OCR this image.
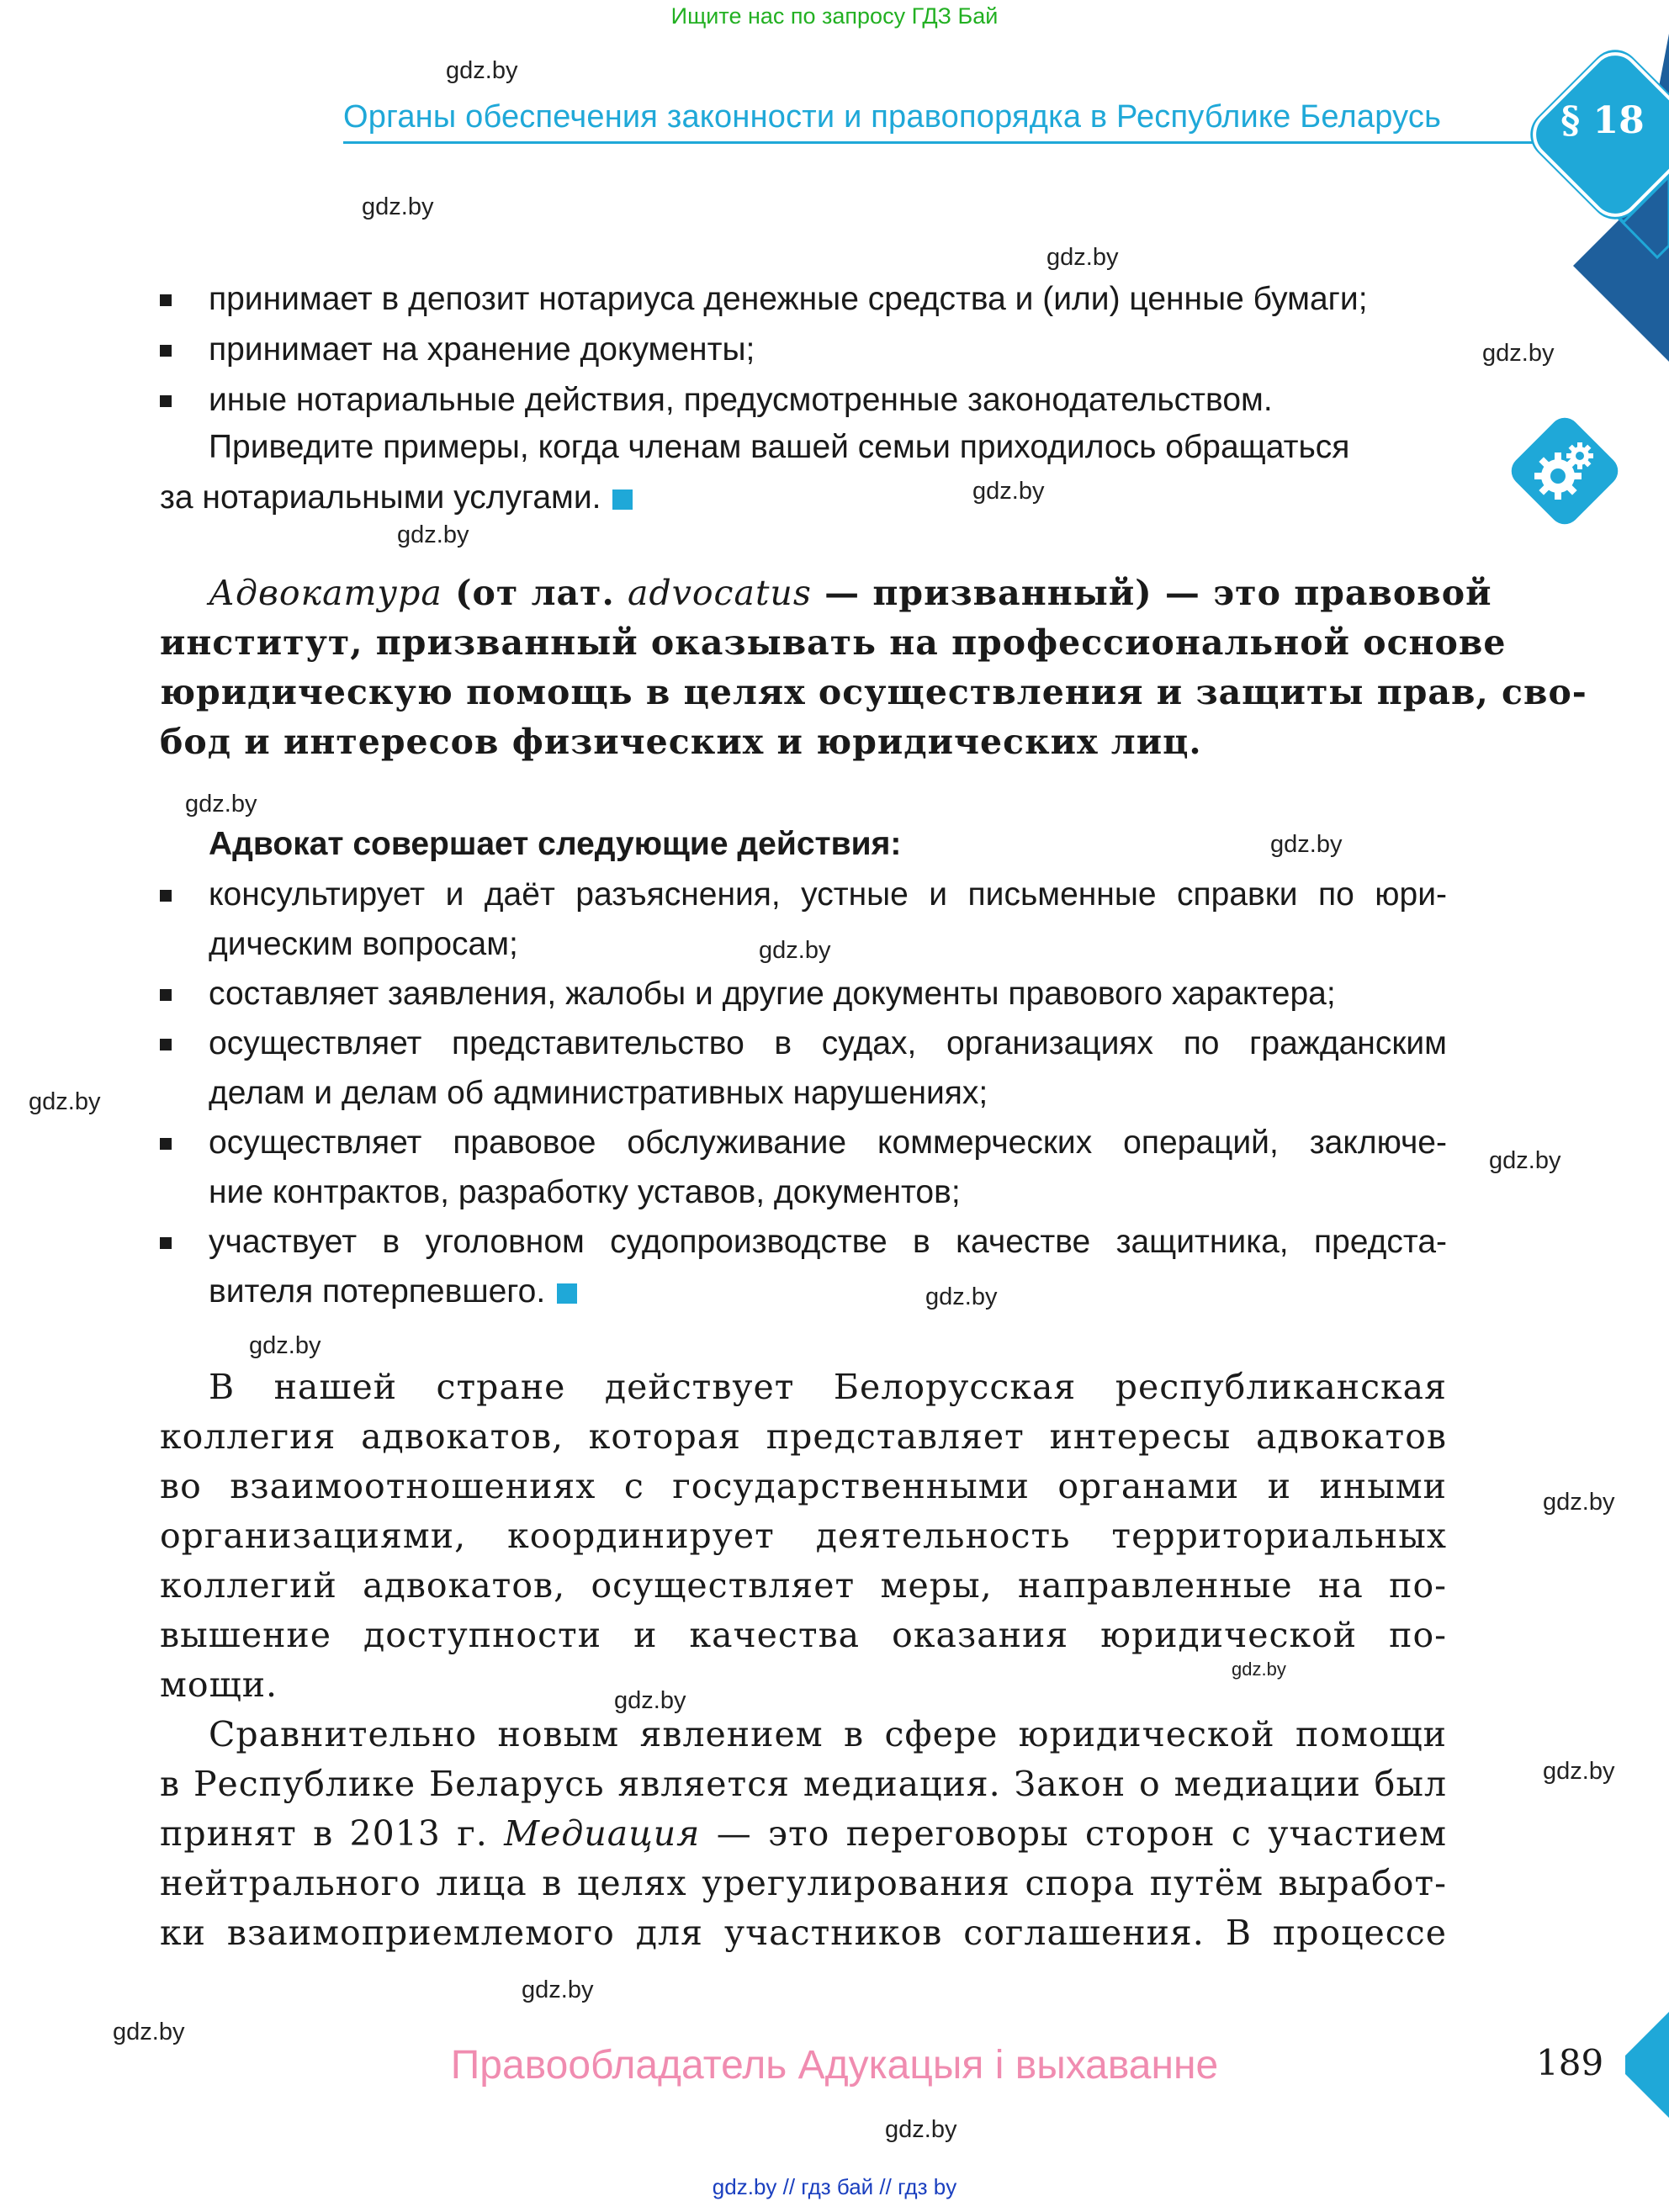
Ищите нас по запросу ГДЗ Бай
Органы обеспечения законности и правопорядка в Республике Беларусь	§ 18
gdz.by
gdz.by
gdz.by
gdz.by
gdz.by
gdz.by
gdz.by
gdz.by
gdz.by
gdz.by
gdz.by
gdz.by
gdz.by
gdz.by
gdz.by
gdz.by
gdz.by
gdz.by
gdz.by
gdz.by
принимает в депозит нотариуса денежные средства и (или) ценные бумаги;
принимает на хранение документы;
иные нотариальные действия, предусмотренные законодательством.
Приведите примеры, когда членам вашей семьи приходилось обращаться
за нотариальными услугами.
Адвокатура (от лат. advocatus — призванный) — это правовой
институт, призванный оказывать на профессиональной основе
юридическую помощь в целях осуществления и защиты прав, сво-
бод и интересов физических и юридических лиц.
Адвокат совершает следующие действия:
консультирует и даёт разъяснения, устные и письменные справки по юри-
дическим вопросам;
составляет заявления, жалобы и другие документы правового характера;
осуществляет представительство в судах, организациях по гражданским
делам и делам об административных нарушениях;
осуществляет правовое обслуживание коммерческих операций, заключе-
ние контрактов, разработку уставов, документов;
участвует в уголовном судопроизводстве в качестве защитника, предста-
вителя потерпевшего.
В нашей стране действует Белорусская республиканская
коллегия адвокатов, которая представляет интересы адвокатов
во взаимоотношениях с государственными органами и иными
организациями, координирует деятельность территориальных
коллегий адвокатов, осуществляет меры, направленные на по-
вышение доступности и качества оказания юридической по-
мощи.
Сравнительно новым явлением в сфере юридической помощи
в Республике Беларусь является медиация. Закон о медиации был
принят в 2013 г. Медиация — это переговоры сторон с участием
нейтрального лица в целях урегулирования спора путём выработ-
ки взаимоприемлемого для участников соглашения. В процессе
Правообладатель Адукацыя і выхаванне	189
gdz.by // гдз бай // гдз by
